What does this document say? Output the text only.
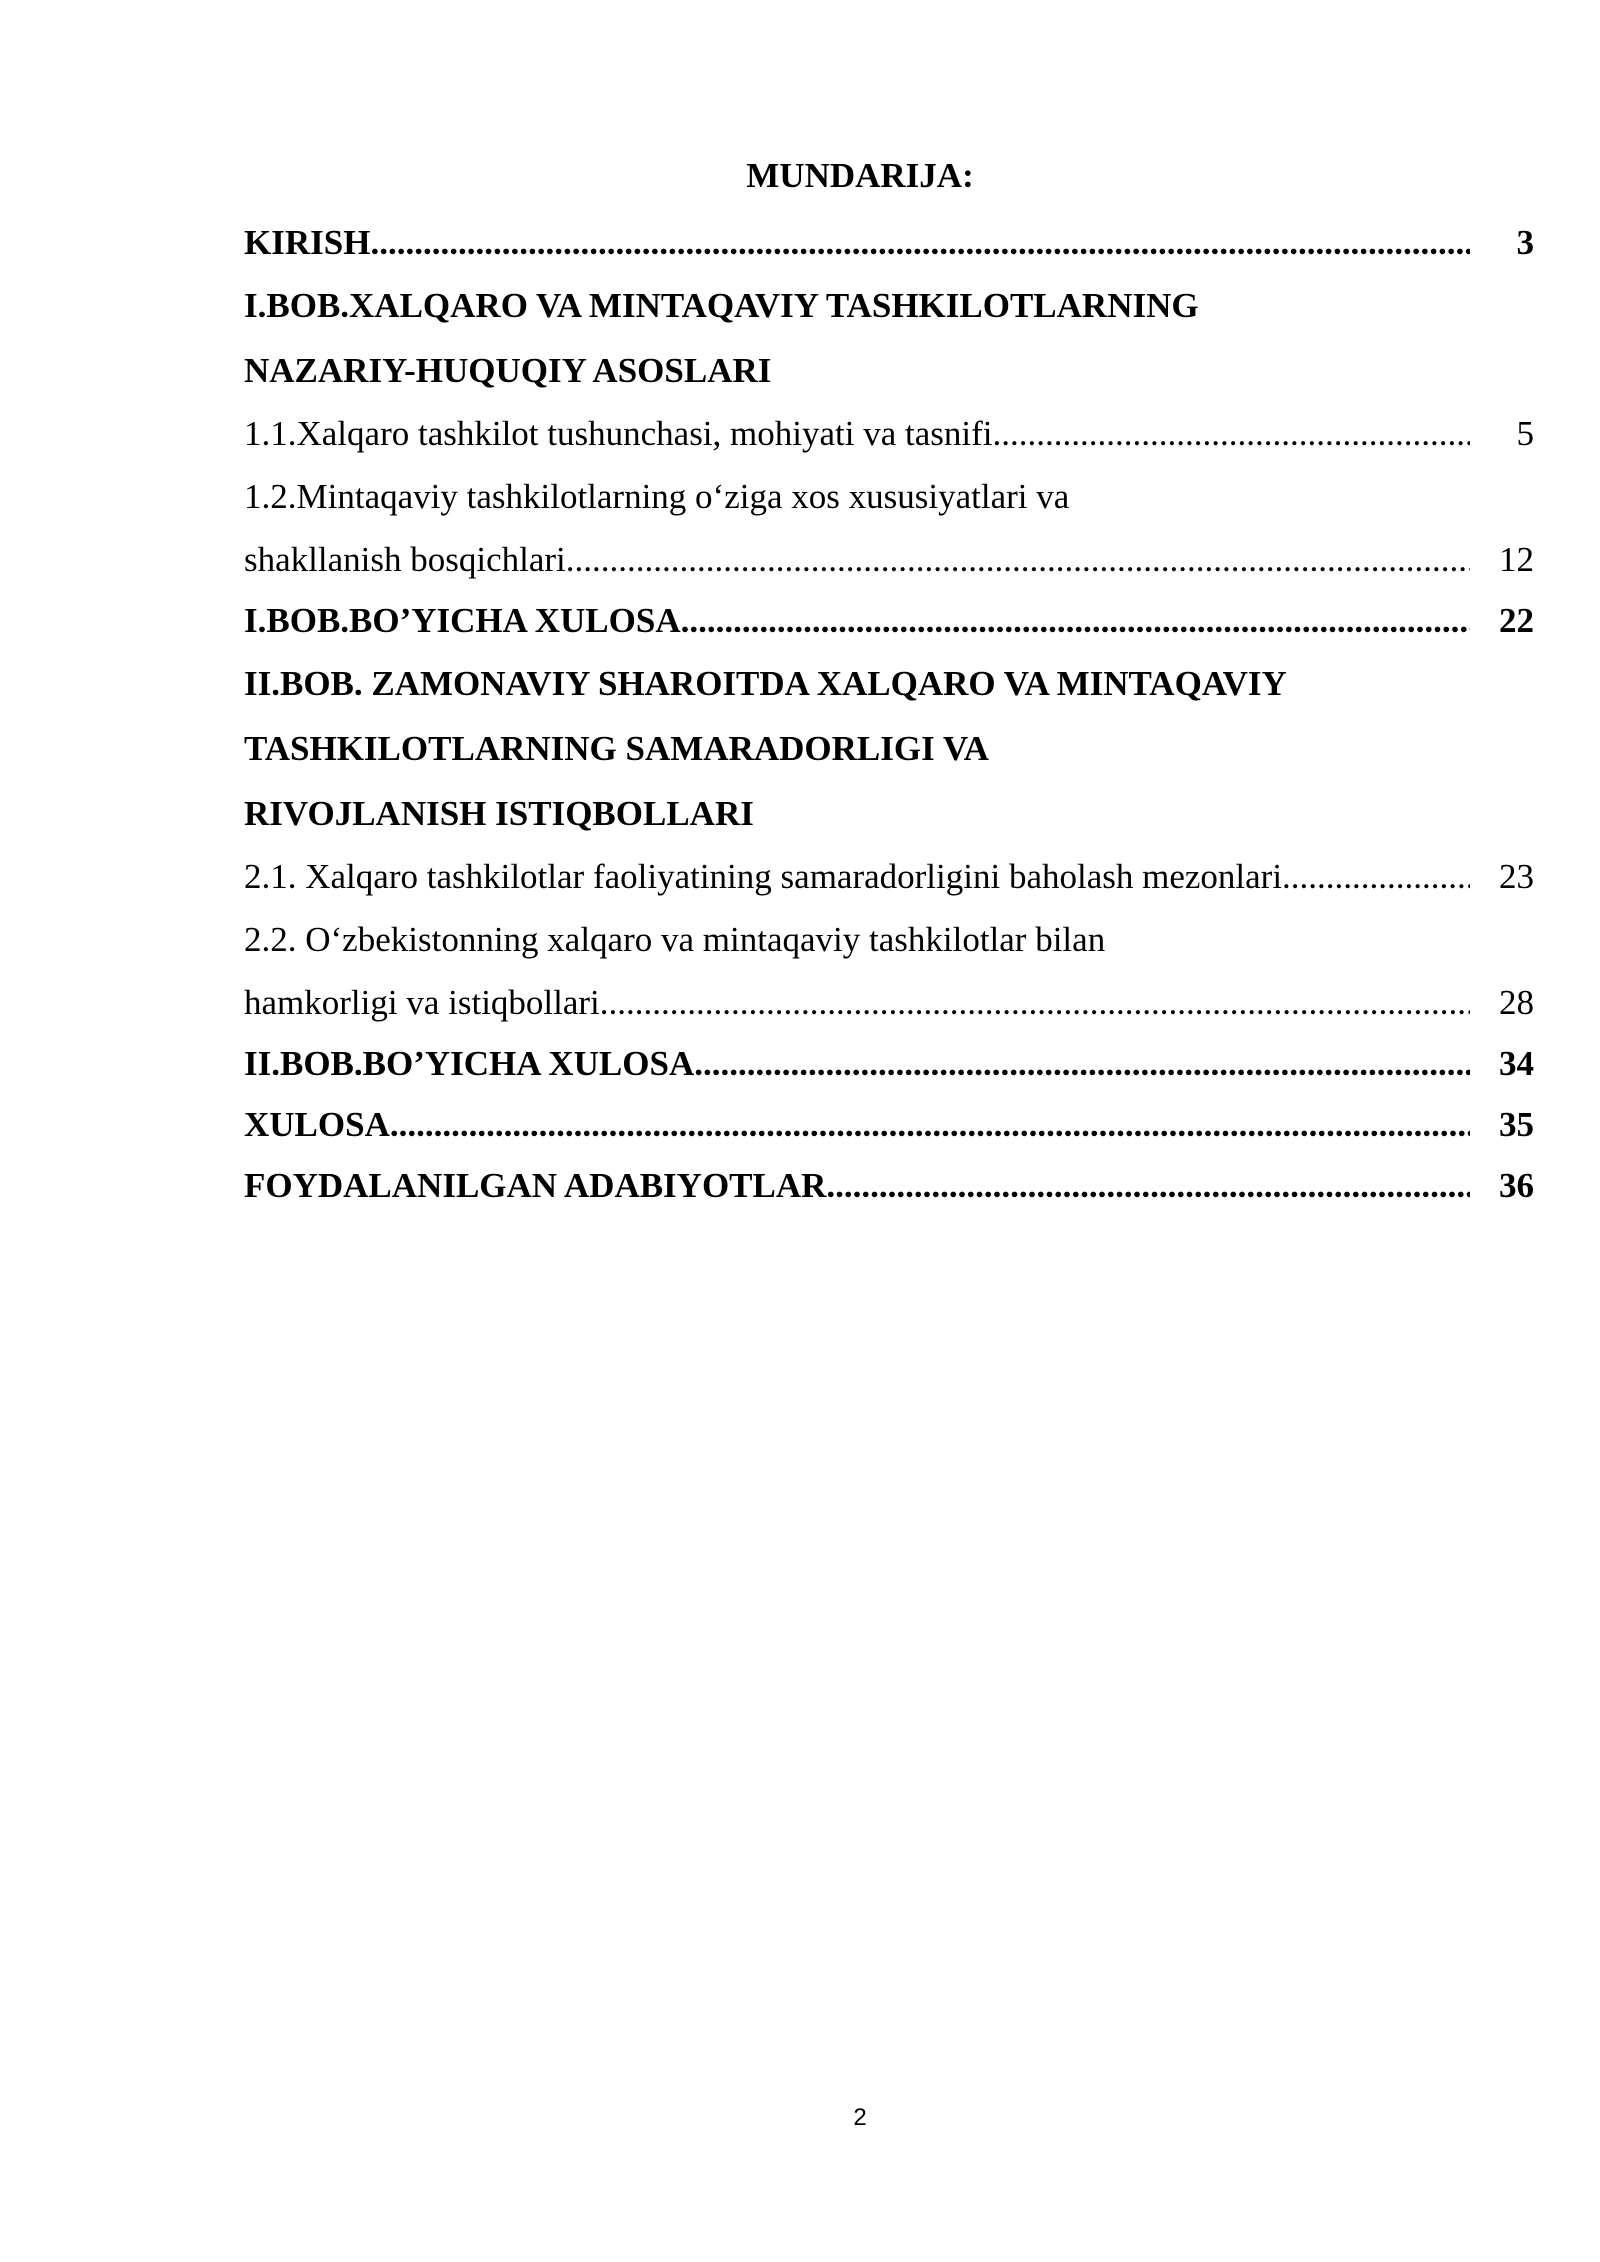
MUNDARIJA:
KIRISH .....	3
I.BOB.XALQARO VA MINTAQAVIY TASHKILOTLARNING
NAZARIY-HUQUQIY ASOSLARI
1.1.Xalqaro tashkilot tushunchasi, mohiyati va tasnifi .....	5
1.2.Mintaqaviy tashkilotlarning o‘ziga xos xususiyatlari va
shakllanish bosqichlari .....	12
I.BOB.BO’YICHA XULOSA .....	22
II.BOB. ZAMONAVIY SHAROITDA XALQARO VA MINTAQAVIY
TASHKILOTLARNING SAMARADORLIGI VA
RIVOJLANISH ISTIQBOLLARI
2.1. Xalqaro tashkilotlar faoliyatining samaradorligini baholash mezonlari .....	23
2.2. O‘zbekistonning xalqaro va mintaqaviy tashkilotlar bilan
hamkorligi va istiqbollari .....	28
II.BOB.BO’YICHA XULOSA .....	34
XULOSA .....	35
FOYDALANILGAN ADABIYOTLAR .....	36
2
